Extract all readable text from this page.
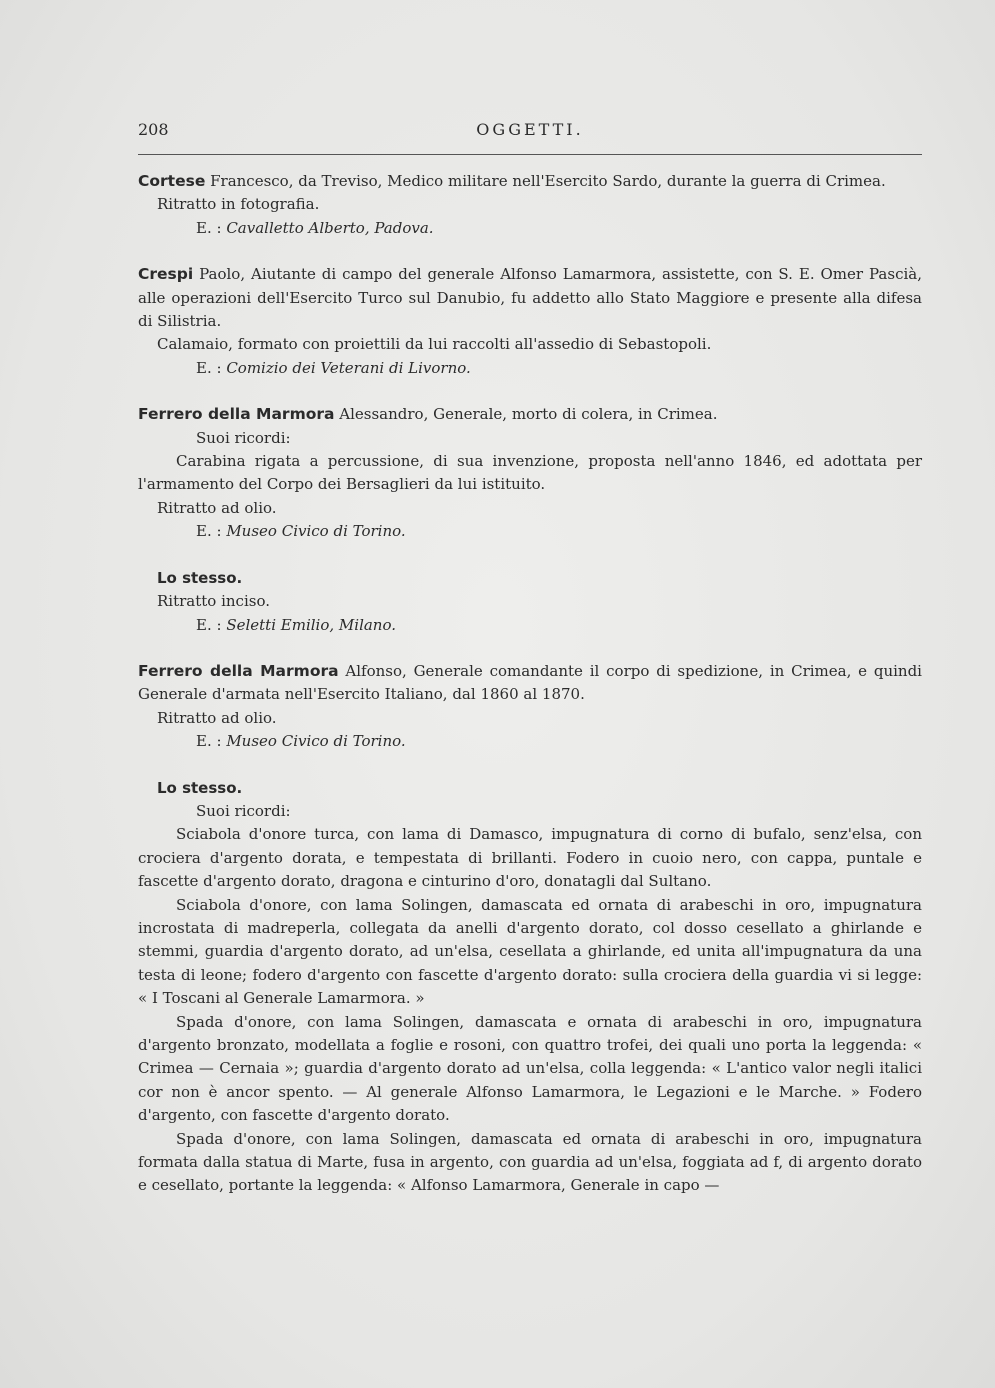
208	OGGETTI.

Cortese Francesco, da Treviso, Medico militare nell'Esercito Sardo, durante la guerra di Crimea.

Ritratto in fotografia.

E. : Cavalletto Alberto, Padova.

Crespi Paolo, Aiutante di campo del generale Alfonso Lamarmora, assistette, con S. E. Omer Pascià, alle operazioni dell'Esercito Turco sul Danubio, fu addetto allo Stato Maggiore e presente alla difesa di Silistria.

Calamaio, formato con proiettili da lui raccolti all'assedio di Sebastopoli.

E. : Comizio dei Veterani di Livorno.

Ferrero della Marmora Alessandro, Generale, morto di colera, in Crimea.

Suoi ricordi:

Carabina rigata a percussione, di sua invenzione, proposta nell'anno 1846, ed adottata per l'armamento del Corpo dei Bersaglieri da lui istituito.

Ritratto ad olio.

E. : Museo Civico di Torino.

Lo stesso.

Ritratto inciso.

E. : Seletti Emilio, Milano.

Ferrero della Marmora Alfonso, Generale comandante il corpo di spedizione, in Crimea, e quindi Generale d'armata nell'Esercito Italiano, dal 1860 al 1870.

Ritratto ad olio.

E. : Museo Civico di Torino.

Lo stesso.

Suoi ricordi:

Sciabola d'onore turca, con lama di Damasco, impugnatura di corno di bufalo, senz'elsa, con crociera d'argento dorata, e tempestata di brillanti. Fodero in cuoio nero, con cappa, puntale e fascette d'argento dorato, dragona e cinturino d'oro, donatagli dal Sultano.

Sciabola d'onore, con lama Solingen, damascata ed ornata di arabeschi in oro, impugnatura incrostata di madreperla, collegata da anelli d'argento dorato, col dosso cesellato a ghirlande e stemmi, guardia d'argento dorato, ad un'elsa, cesellata a ghirlande, ed unita all'impugnatura da una testa di leone; fodero d'argento con fascette d'argento dorato: sulla crociera della guardia vi si legge: « I Toscani al Generale Lamarmora. »

Spada d'onore, con lama Solingen, damascata e ornata di arabeschi in oro, impugnatura d'argento bronzato, modellata a foglie e rosoni, con quattro trofei, dei quali uno porta la leggenda: « Crimea — Cernaia »; guardia d'argento dorato ad un'elsa, colla leggenda: « L'antico valor negli italici cor non è ancor spento. — Al generale Alfonso Lamarmora, le Legazioni e le Marche. » Fodero d'argento, con fascette d'argento dorato.

Spada d'onore, con lama Solingen, damascata ed ornata di arabeschi in oro, impugnatura formata dalla statua di Marte, fusa in argento, con guardia ad un'elsa, foggiata ad f, di argento dorato e cesellato, portante la leggenda: « Alfonso Lamarmora, Generale in capo —
